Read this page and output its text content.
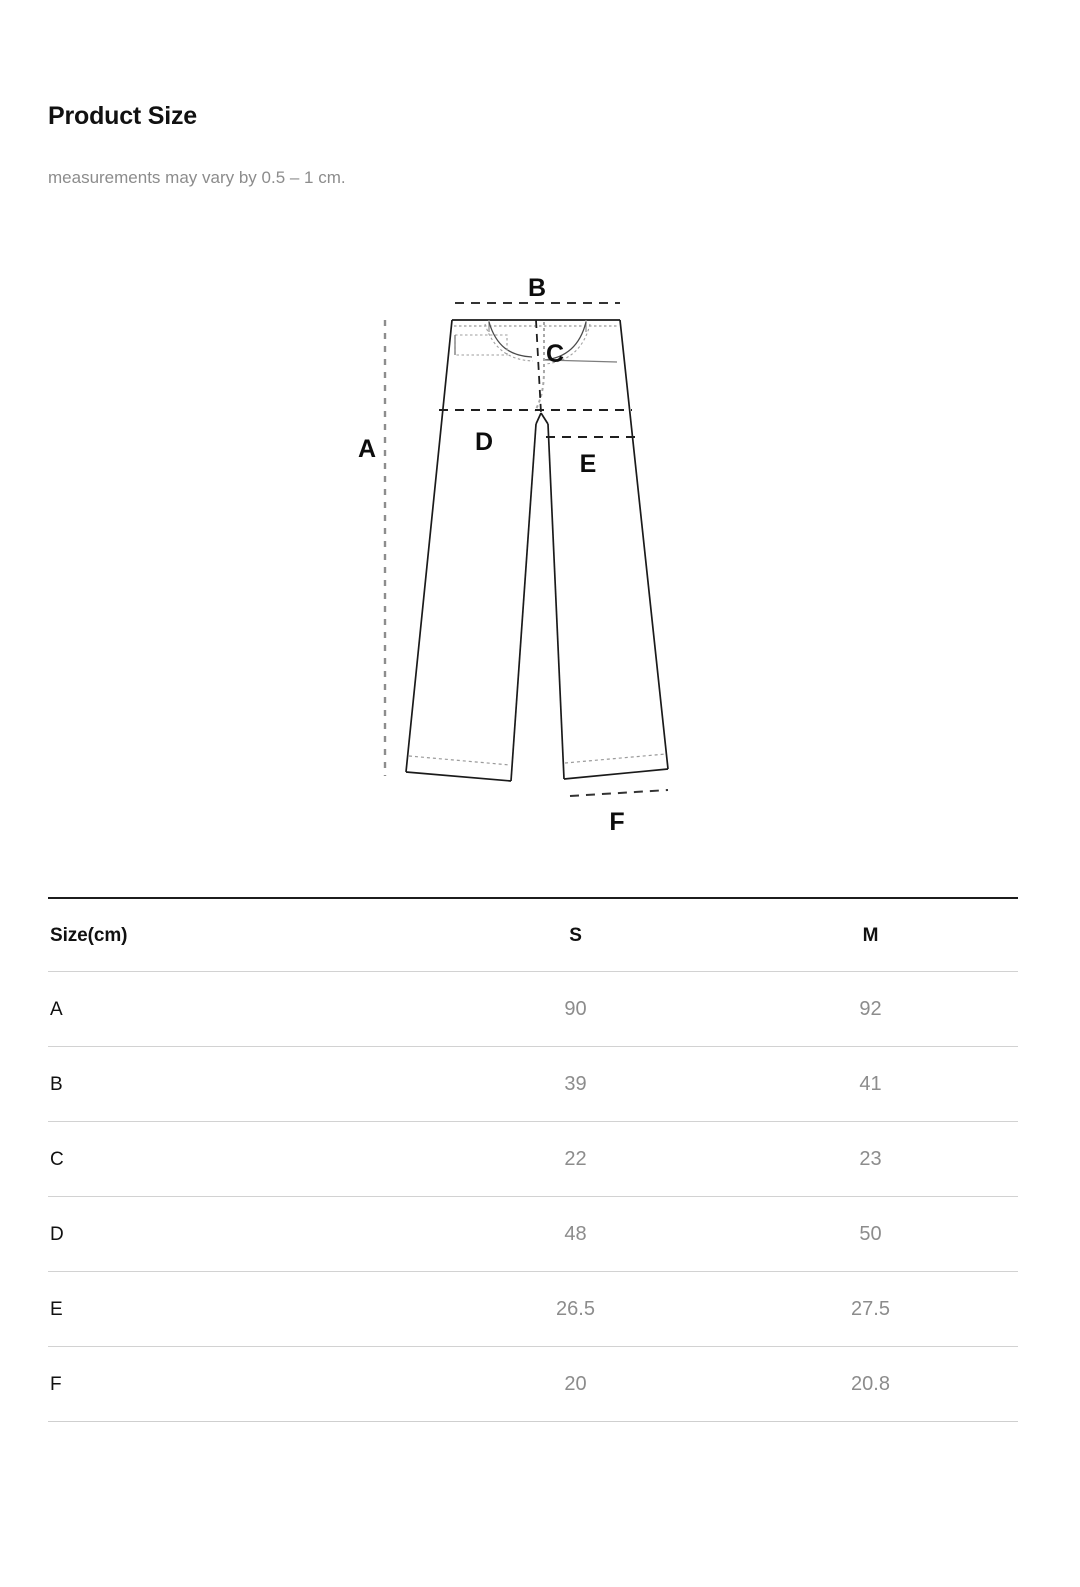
Product Size

measurements may vary by 0.5 – 1 cm.

B
A
C
D
E
F
Size(cm)	S	M
A	90	92
B	39	41
C	22	23
D	48	50
E	26.5	27.5
F	20	20.8
